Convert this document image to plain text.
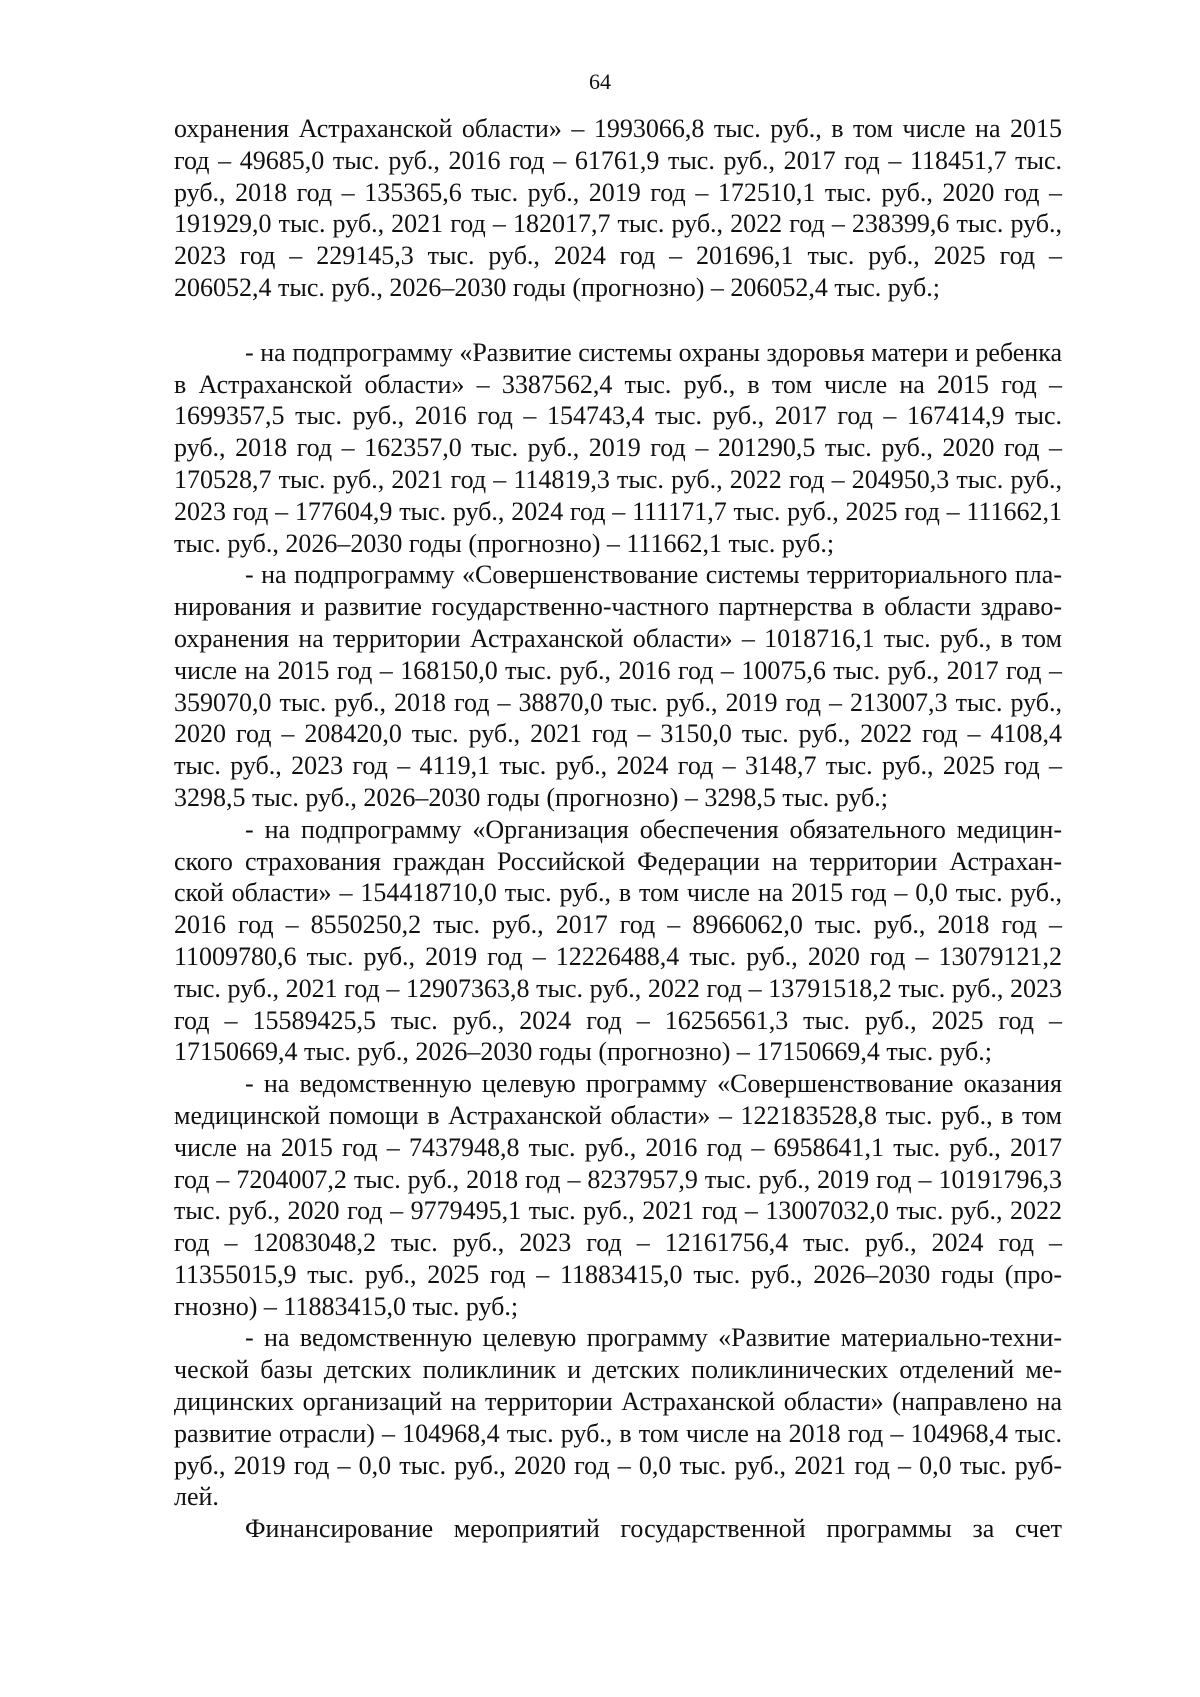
64

охранения Астраханской области» – 1993066,8 тыс. руб., в том числе на 2015 год – 49685,0 тыс. руб., 2016 год – 61761,9 тыс. руб., 2017 год – 118451,7 тыс. руб., 2018 год – 135365,6 тыс. руб., 2019 год – 172510,1 тыс. руб., 2020 год – 191929,0 тыс. руб., 2021 год – 182017,7 тыс. руб., 2022 год – 238399,6 тыс. руб., 2023 год – 229145,3 тыс. руб., 2024 год – 201696,1 тыс. руб., 2025 год – 206052,4 тыс. руб., 2026–2030 годы (прогнозно) – 206052,4 тыс. руб.;

- на подпрограмму «Развитие системы охраны здоровья матери и ребенка в Астраханской области» – 3387562,4 тыс. руб., в том числе на 2015 год – 1699357,5 тыс. руб., 2016 год – 154743,4 тыс. руб., 2017 год – 167414,9 тыс. руб., 2018 год – 162357,0 тыс. руб., 2019 год – 201290,5 тыс. руб., 2020 год – 170528,7 тыс. руб., 2021 год – 114819,3 тыс. руб., 2022 год – 204950,3 тыс. руб., 2023 год – 177604,9 тыс. руб., 2024 год – 111171,7 тыс. руб., 2025 год – 111662,1 тыс. руб., 2026–2030 годы (прогнозно) – 111662,1 тыс. руб.;

- на подпрограмму «Совершенствование системы территориального планирования и развитие государственно-частного партнерства в области здравоохранения на территории Астраханской области» – 1018716,1 тыс. руб., в том числе на 2015 год – 168150,0 тыс. руб., 2016 год – 10075,6 тыс. руб., 2017 год – 359070,0 тыс. руб., 2018 год – 38870,0 тыс. руб., 2019 год – 213007,3 тыс. руб., 2020 год – 208420,0 тыс. руб., 2021 год – 3150,0 тыс. руб., 2022 год – 4108,4 тыс. руб., 2023 год – 4119,1 тыс. руб., 2024 год – 3148,7 тыс. руб., 2025 год – 3298,5 тыс. руб., 2026–2030 годы (прогнозно) – 3298,5 тыс. руб.;

- на подпрограмму «Организация обеспечения обязательного медицинского страхования граждан Российской Федерации на территории Астраханской области» – 154418710,0 тыс. руб., в том числе на 2015 год – 0,0 тыс. руб., 2016 год – 8550250,2 тыс. руб., 2017 год – 8966062,0 тыс. руб., 2018 год – 11009780,6 тыс. руб., 2019 год – 12226488,4 тыс. руб., 2020 год – 13079121,2 тыс. руб., 2021 год – 12907363,8 тыс. руб., 2022 год – 13791518,2 тыс. руб., 2023 год – 15589425,5 тыс. руб., 2024 год – 16256561,3 тыс. руб., 2025 год – 17150669,4 тыс. руб., 2026–2030 годы (прогнозно) – 17150669,4 тыс. руб.;

- на ведомственную целевую программу «Совершенствование оказания медицинской помощи в Астраханской области» – 122183528,8 тыс. руб., в том числе на 2015 год – 7437948,8 тыс. руб., 2016 год – 6958641,1 тыс. руб., 2017 год – 7204007,2 тыс. руб., 2018 год – 8237957,9 тыс. руб., 2019 год – 10191796,3 тыс. руб., 2020 год – 9779495,1 тыс. руб., 2021 год – 13007032,0 тыс. руб., 2022 год – 12083048,2 тыс. руб., 2023 год – 12161756,4 тыс. руб., 2024 год – 11355015,9 тыс. руб., 2025 год – 11883415,0 тыс. руб., 2026–2030 годы (прогнозно) – 11883415,0 тыс. руб.;

- на ведомственную целевую программу «Развитие материально-технической базы детских поликлиник и детских поликлинических отделений медицинских организаций на территории Астраханской области» (направлено на развитие отрасли) – 104968,4 тыс. руб., в том числе на 2018 год – 104968,4 тыс. руб., 2019 год – 0,0 тыс. руб., 2020 год – 0,0 тыс. руб., 2021 год – 0,0 тыс. рублей.

Финансирование мероприятий государственной программы за счет
